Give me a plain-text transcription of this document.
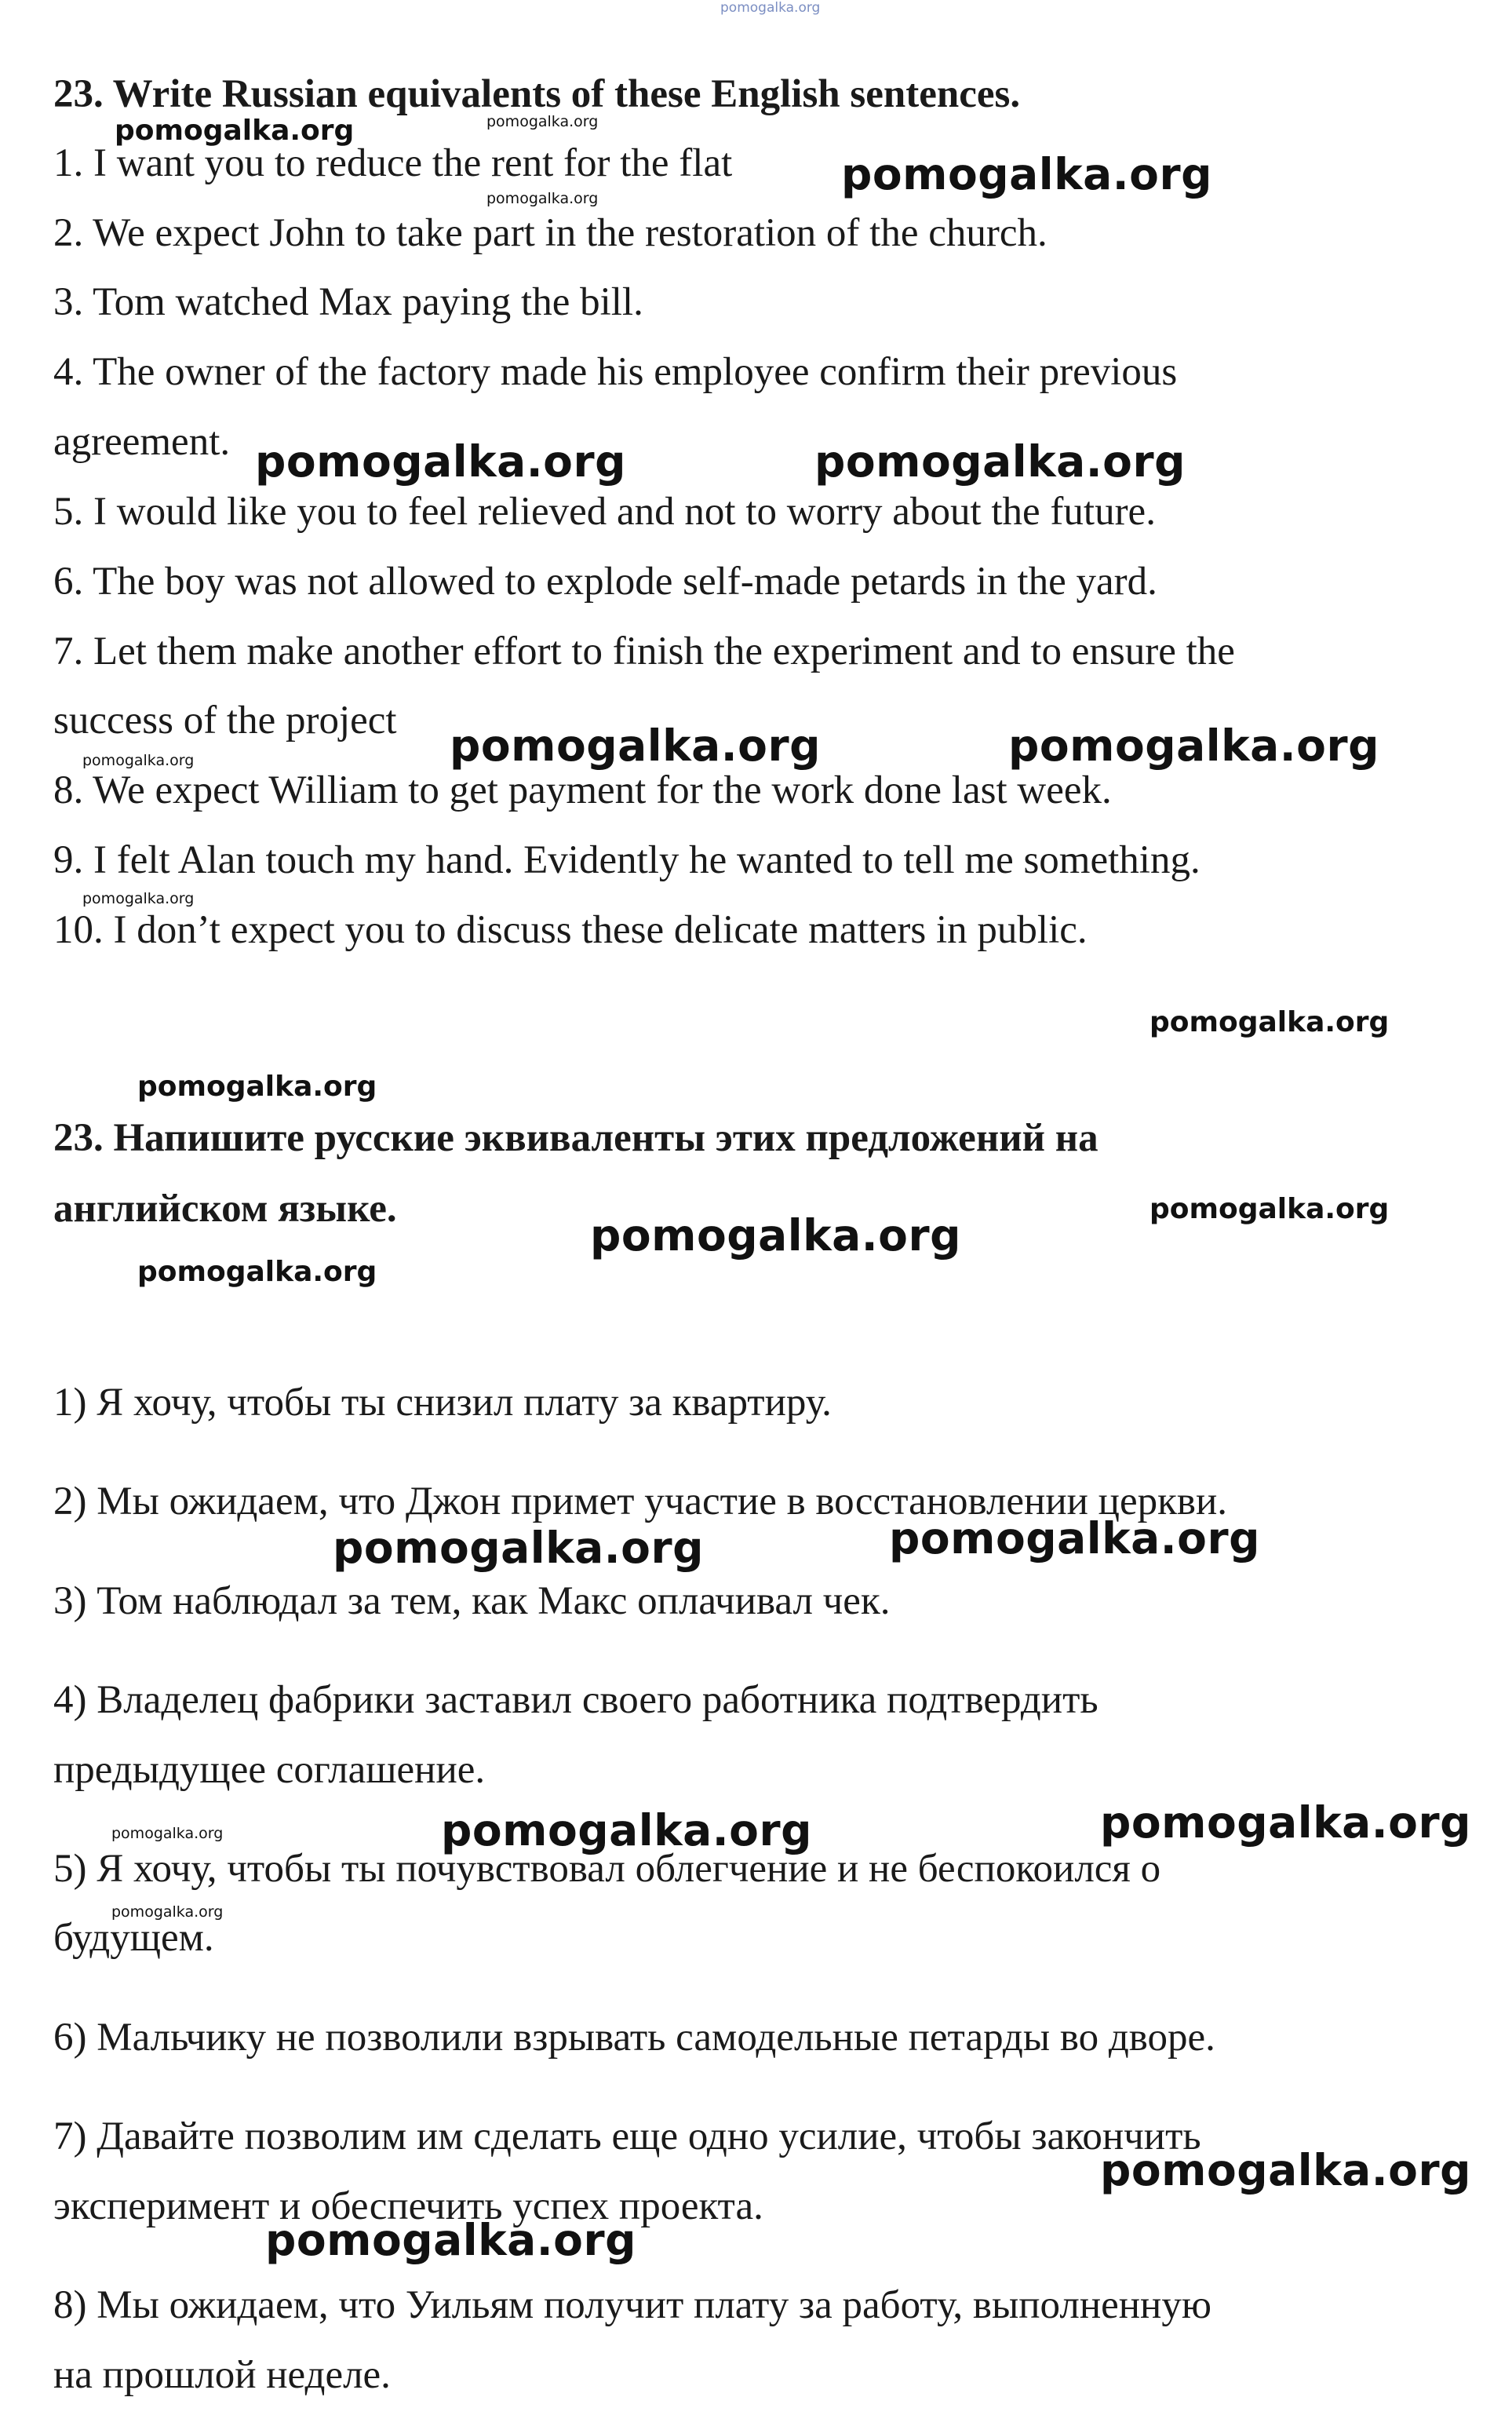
pomogalka.org
23. Write Russian equivalents of these English sentences.
1. I want you to reduce the rent for the flat
2. We expect John to take part in the restoration of the church.
3. Tom watched Max paying the bill.
4. The owner of the factory made his employee confirm their previous
agreement.
5. I would like you to feel relieved and not to worry about the future.
6. The boy was not allowed to explode self-made petards in the yard.
7. Let them make another effort to finish the experiment and to ensure the
success of the project
8. We expect William to get payment for the work done last week.
9. I felt Alan touch my hand. Evidently he wanted to tell me something.
10. I don’t expect you to discuss these delicate matters in public.
23. Напишите русские эквиваленты этих предложений на
английском языке.
1) Я хочу, чтобы ты снизил плату за квартиру.
2) Мы ожидаем, что Джон примет участие в восстановлении церкви.
3) Том наблюдал за тем, как Макс оплачивал чек.
4) Владелец фабрики заставил своего работника подтвердить
предыдущее соглашение.
5) Я хочу, чтобы ты почувствовал облегчение и не беспокоился о
будущем.
6) Мальчику не позволили взрывать самодельные петарды во дворе.
7) Давайте позволим им сделать еще одно усилие, чтобы закончить
эксперимент и обеспечить успех проекта.
8) Мы ожидаем, что Уильям получит плату за работу, выполненную
на прошлой неделе.
pomogalka.org	pomogalka.org
pomogalka.org	pomogalka.org
pomogalka.org	pomogalka.org
pomogalka.org	pomogalka.org
pomogalka.org
pomogalka.org
pomogalka.org
pomogalka.org
pomogalka.org
pomogalka.org
pomogalka.org
pomogalka.org	pomogalka.org
pomogalka.org	pomogalka.org	pomogalka.org
pomogalka.org
pomogalka.org
pomogalka.org
